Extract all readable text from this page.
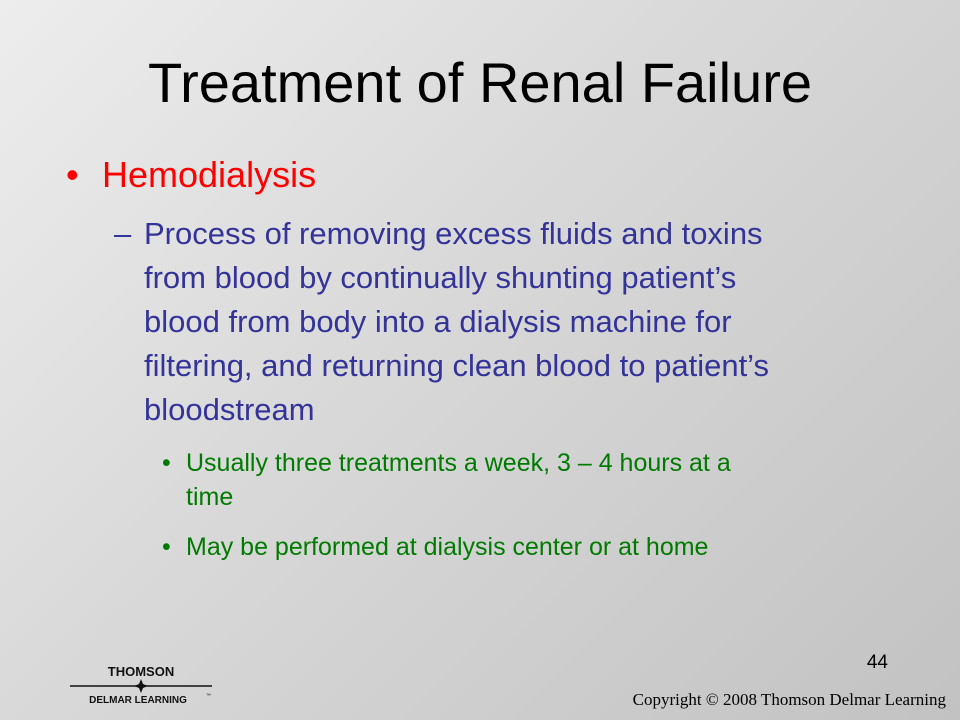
Treatment of Renal Failure
• Hemodialysis
– Process of removing excess fluids and toxins
from blood by continually shunting patient’s
blood from body into a dialysis machine for
filtering, and returning clean blood to patient’s
bloodstream
• Usually three treatments a week, 3 – 4 hours at a
time
• May be performed at dialysis center or at home
44
THOMSON
DELMAR LEARNING	™	Copyright © 2008 Thomson Delmar Learning
